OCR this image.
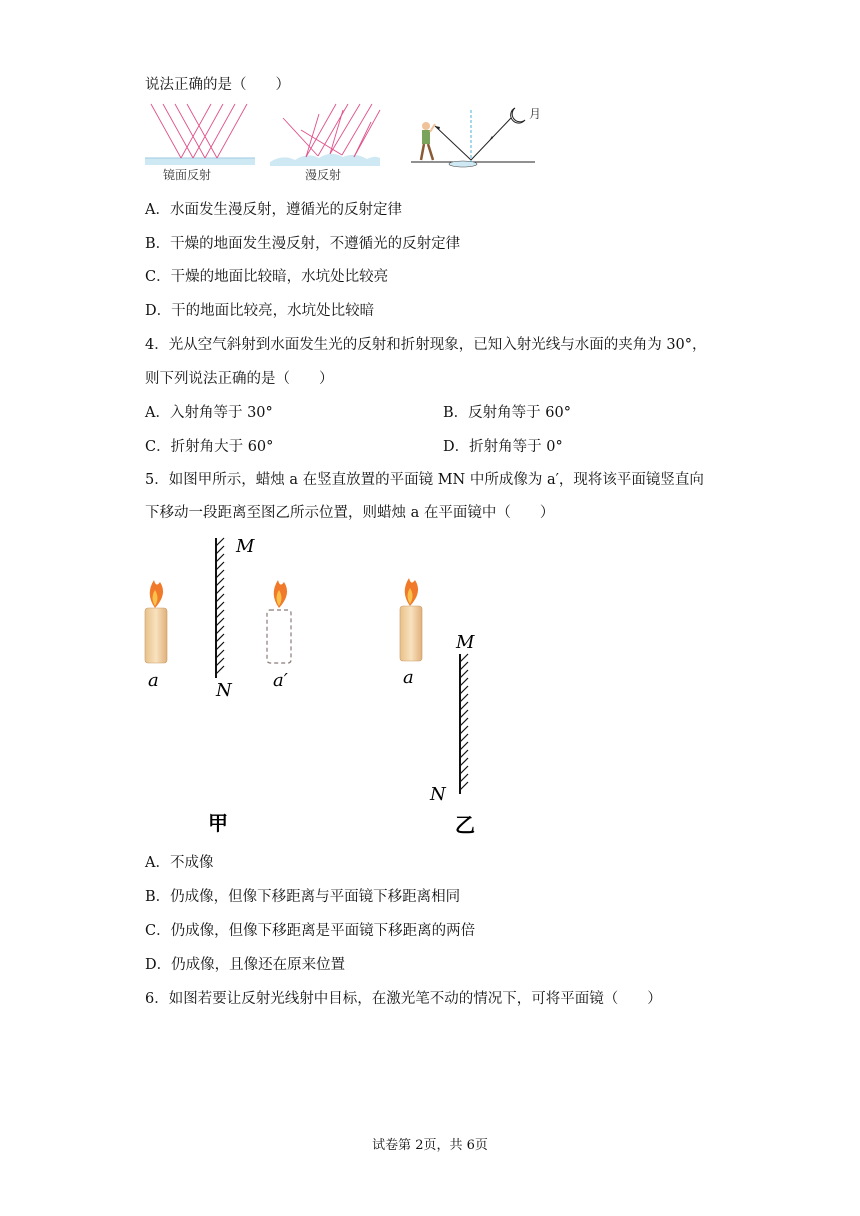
说法正确的是（　　）
镜面反射	漫反射
月
A．水面发生漫反射，遵循光的反射定律
B．干燥的地面发生漫反射，不遵循光的反射定律
C．干燥的地面比较暗，水坑处比较亮
D．干的地面比较亮，水坑处比较暗
4．光从空气斜射到水面发生光的反射和折射现象，已知入射光线与水面的夹角为 30°，
则下列说法正确的是（　　）
A．入射角等于 30°	B．反射角等于 60°
C．折射角大于 60°	D．折射角等于 0°
5．如图甲所示，蜡烛 a 在竖直放置的平面镜 MN 中所成像为 a′，现将该平面镜竖直向
下移动一段距离至图乙所示位置，则蜡烛 a 在平面镜中（　　）
a
M
N a′
甲
a
M
N
乙
A．不成像
B．仍成像，但像下移距离与平面镜下移距离相同
C．仍成像，但像下移距离是平面镜下移距离的两倍
D．仍成像，且像还在原来位置
6．如图若要让反射光线射中目标，在激光笔不动的情况下，可将平面镜（　　）
试卷第 2页，共 6页
